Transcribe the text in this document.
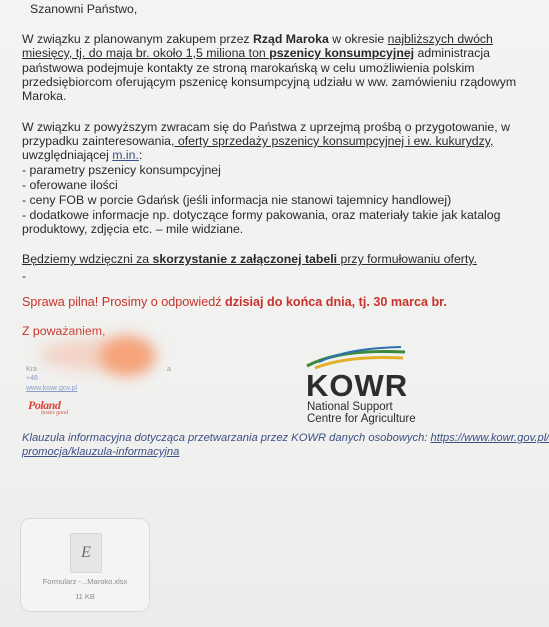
Szanowni Państwo,
W związku z planowanym zakupem przez Rząd Maroka w okresie najbliższych dwóch
miesięcy, tj. do maja br. około 1,5 miliona ton pszenicy konsumpcyjnej administracja
państwowa podejmuje kontakty ze stroną marokańską w celu umożliwienia polskim
przedsiębiorcom oferującym pszenicę konsumpcyjną udziału w ww. zamówieniu rządowym
Maroka.
W związku z powyższym zwracam się do Państwa z uprzejmą prośbą o przygotowanie, w
przypadku zainteresowania, oferty sprzedaży pszenicy konsumpcyjnej i ew. kukurydzy,
uwzględniającej m.in.:
- parametry pszenicy konsumpcyjnej
- oferowane ilości
- ceny FOB w porcie Gdańsk (jeśli informacja nie stanowi tajemnicy handlowej)
- dodatkowe informacje np. dotyczące formy pakowania, oraz materiały takie jak katalog
produktowy, zdjęcia etc. – mile widziane.
Będziemy wdzięczni za skorzystanie z załączonej tabeli przy formułowaniu oferty.
-
Sprawa pilna! Prosimy o odpowiedź dzisiaj do końca dnia, tj. 30 marca br.
Z poważaniem,
Kra
+48
a
www.kowr.gov.pl
Poland
tastes good
KOWR
National Support
Centre for Agriculture
Klauzula informacyjna dotycząca przetwarzania przez KOWR danych osobowych: https://www.kowr.gov.pl/
promocja/klauzula-informacyjna
E
Formularz -...Maroko.xlsx
11 KB
